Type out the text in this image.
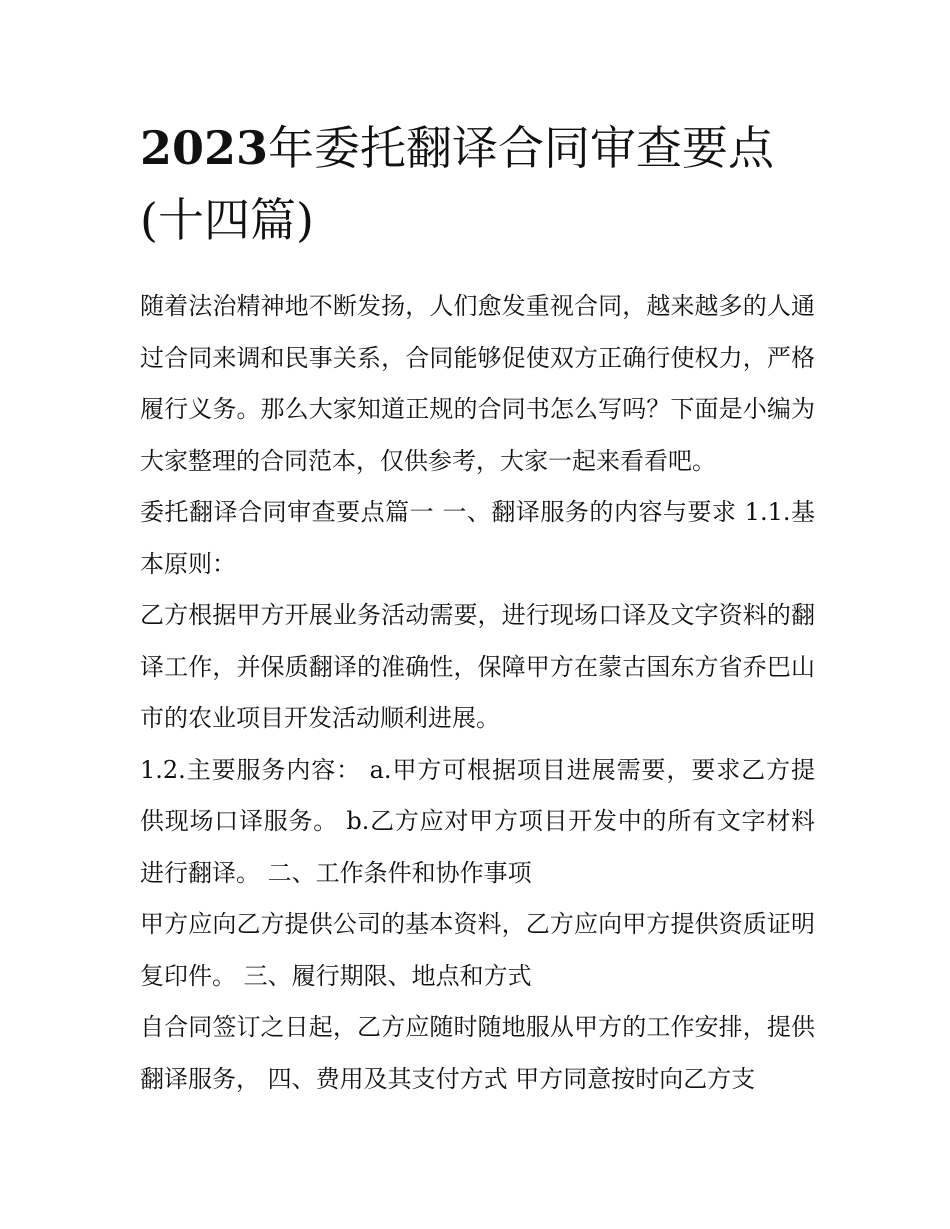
2023年委托翻译合同审查要点(十四篇)

随着法治精神地不断发扬，人们愈发重视合同，越来越多的人通过合同来调和民事关系，合同能够促使双方正确行使权力，严格履行义务。那么大家知道正规的合同书怎么写吗？下面是小编为大家整理的合同范本，仅供参考，大家一起来看看吧。

委托翻译合同审查要点篇一 一、翻译服务的内容与要求 1.1.基本原则：

乙方根据甲方开展业务活动需要，进行现场口译及文字资料的翻译工作，并保质翻译的准确性，保障甲方在蒙古国东方省乔巴山市的农业项目开发活动顺利进展。

1.2.主要服务内容： a.甲方可根据项目进展需要，要求乙方提供现场口译服务。 b.乙方应对甲方项目开发中的所有文字材料进行翻译。 二、工作条件和协作事项

甲方应向乙方提供公司的基本资料，乙方应向甲方提供资质证明复印件。 三、履行期限、地点和方式

自合同签订之日起，乙方应随时随地服从甲方的工作安排，提供翻译服务， 四、费用及其支付方式 甲方同意按时向乙方支
